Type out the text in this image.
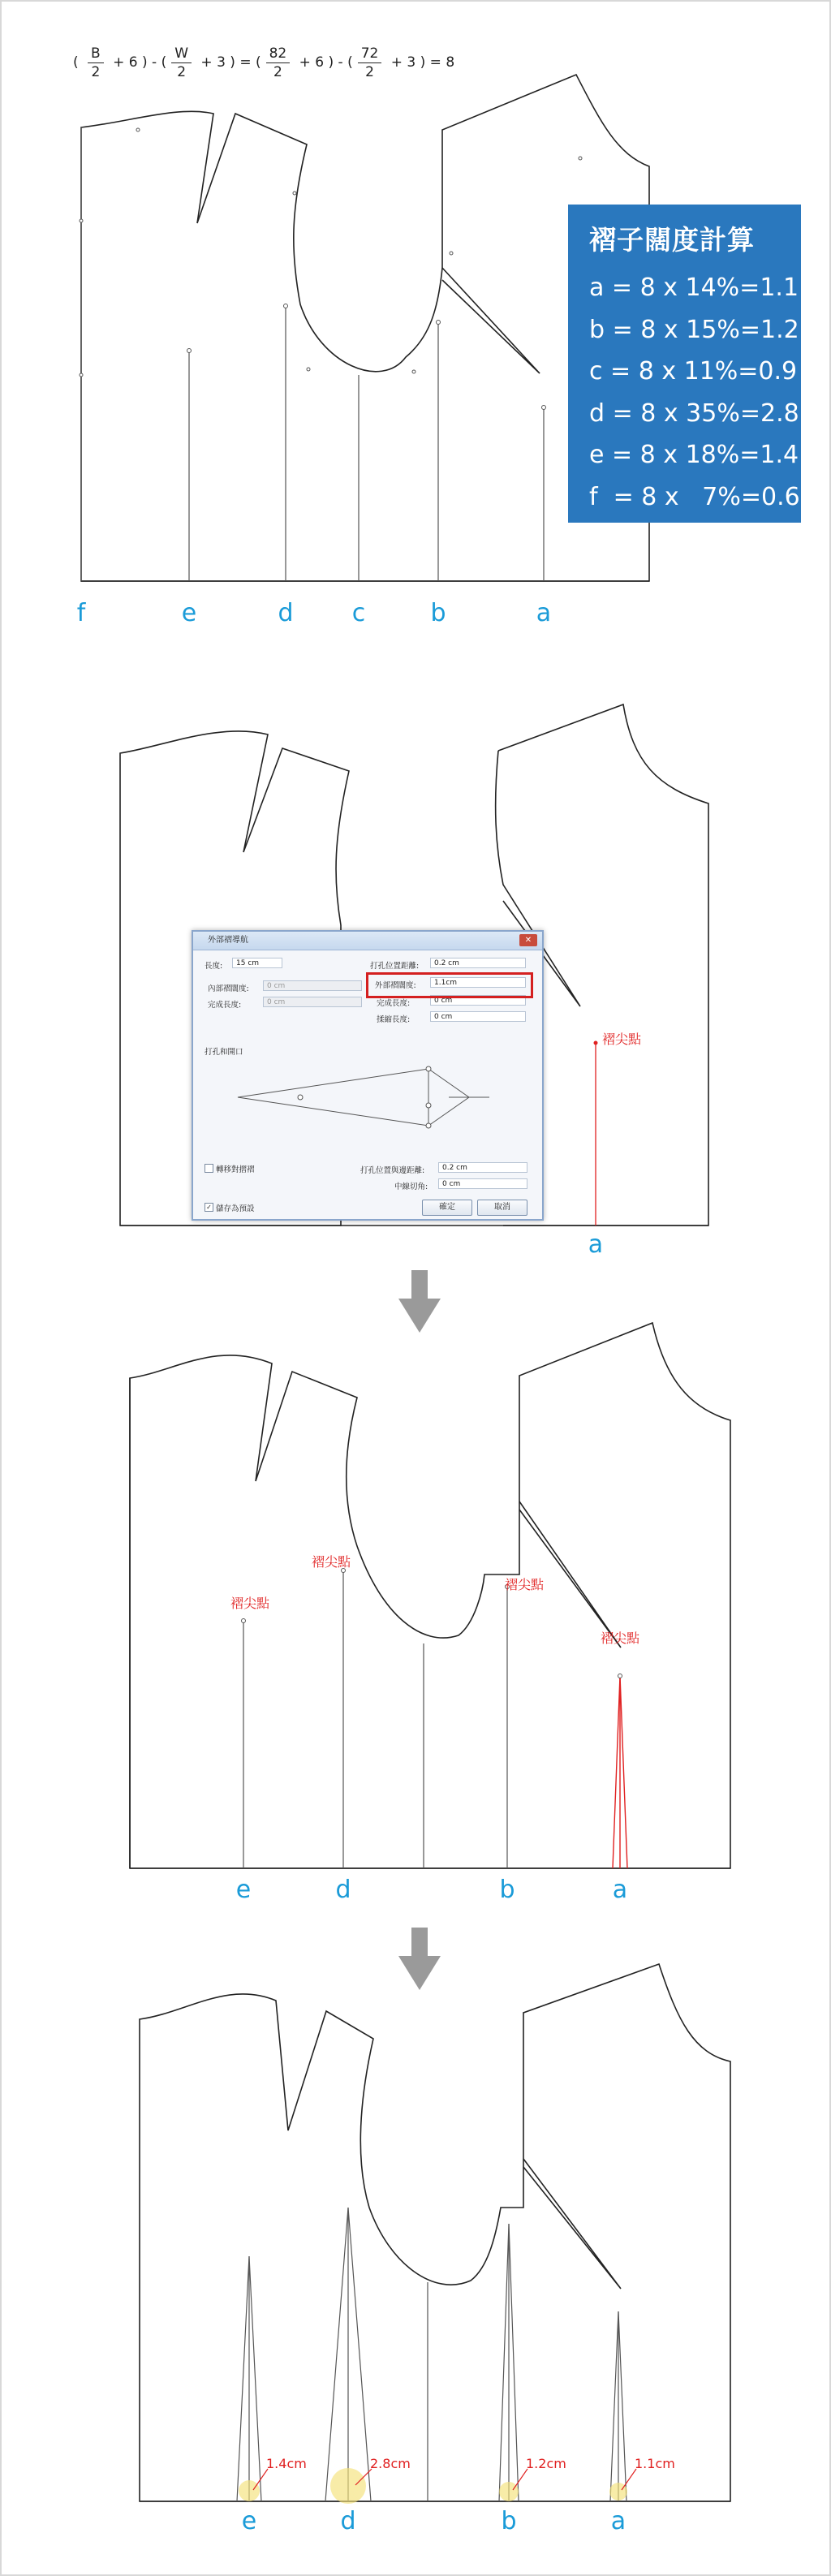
( $\frac{B}{2} + 6$ ) - ( $\frac{W}{2} + 3$ ) = ( $\frac{82}{2} + 6$ ) - ( $\frac{72}{2} + 3$ ) = 8
褶子闊度計算
a = 8 x 14%=1.1
b = 8 x 15%=1.2
c = 8 x 11%=0.9
d = 8 x 35%=2.8
e = 8 x 18%=1.4
f  = 8 x   7%=0.6
f	e	d c	b	a
褶尖點
a
外部褶導航	✕
長度:	15 cm
內部褶闊度:	0 cm
完成長度:	0 cm
打孔位置距離:	0.2 cm
外部褶闊度:	1.1cm
完成長度:	0 cm
揉縮長度:	0 cm
打孔和開口
轉移對摺褶	打孔位置與邊距離:	0.2 cm
中線切角:	0 cm
✓ 儲存為預設	確定	取消
褶尖點
褶尖點
褶尖點
褶尖點
e	d	b	a
1.4cm	2.8cm	1.2cm	1.1cm
e	d	b	a
